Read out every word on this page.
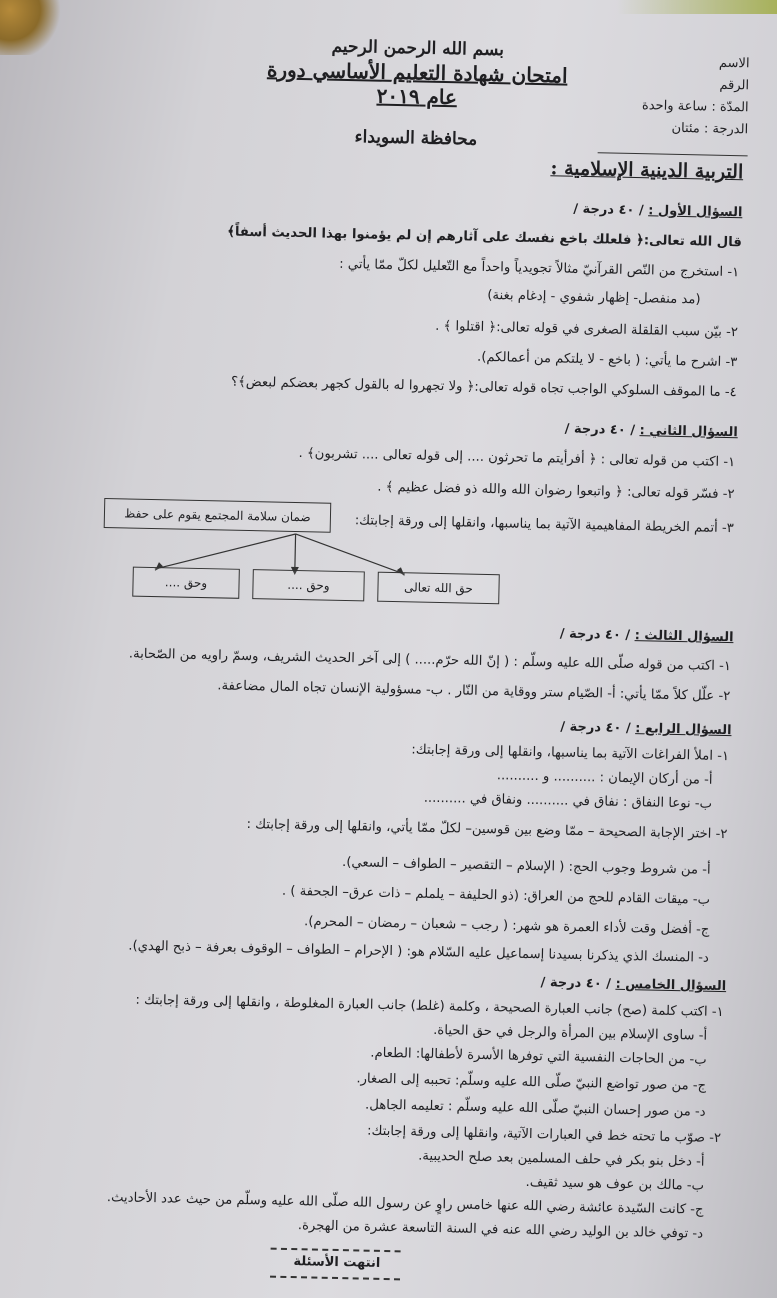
بسم الله الرحمن الرحيم
امتحان شهادة التعليم الأساسي دورة عام ٢٠١٩
محافظة السويداء
الاسم
الرقم
المدّة : ساعة واحدة
الدرجة : مئتان
التربية الدينية الإسلامية :
السؤال الأول : / ٤٠ درجة /
قال الله تعالى:﴿ فلعلك باخع نفسك على آثارهم إن لم يؤمنوا بهذا الحديث أسفاً﴾
١- استخرج من النّص القرآنيّ مثالاً تجويدياً واحداً مع التّعليل لكلّ ممّا يأتي :
(مد منفصل- إظهار شفوي - إدغام بغنة)
٢- بيّن سبب القلقلة الصغرى في قوله تعالى:﴿ اقتلوا ﴾ .
٣- اشرح ما يأتي: ( باخع - لا يلتكم من أعمالكم).
٤- ما الموقف السلوكي الواجب تجاه قوله تعالى:﴿ ولا تجهروا له بالقول كجهر بعضكم لبعض﴾؟
السؤال الثاني : / ٤٠ درجة /
١- اكتب من قوله تعالى : ﴿ أفرأيتم ما تحرثون .... إلى قوله تعالى .... تشربون﴾ .
٢- فسّر قوله تعالى: ﴿ واتبعوا رضوان الله والله ذو فضل عظيم ﴾ .
٣- أتمم الخريطة المفاهيمية الآتية بما يناسبها، وانقلها إلى ورقة إجابتك:
ضمان سلامة المجتمع يقوم على حفظ
حق الله تعالى
وحق ....
وحق ....
السؤال الثالث : / ٤٠ درجة /
١- اكتب من قوله صلّى الله عليه وسلّم : ( إنّ الله حرّم..... ) إلى آخر الحديث الشريف، وسمّ راويه من الصّحابة.
٢- علّل كلاً ممّا يأتي: أ- الصّيام ستر ووقاية من النّار . ب- مسؤولية الإنسان تجاه المال مضاعفة.
السؤال الرابع : / ٤٠ درجة /
١- املأ الفراغات الآتية بما يناسبها، وانقلها إلى ورقة إجابتك:
أ- من أركان الإيمان : .......... و ..........
ب- نوعا النفاق : نفاق في .......... ونفاق في ..........
٢- اختر الإجابة الصحيحة – ممّا وضع بين قوسين– لكلّ ممّا يأتي، وانقلها إلى ورقة إجابتك :
أ- من شروط وجوب الحج: ( الإسلام – التقصير – الطواف – السعي).
ب- ميقات القادم للحج من العراق: (ذو الحليفة – يلملم – ذات عرق– الجحفة ) .
ج- أفضل وقت لأداء العمرة هو شهر: ( رجب – شعبان – رمضان – المحرم).
د- المنسك الذي يذكرنا بسيدنا إسماعيل عليه السّلام هو: ( الإحرام – الطواف – الوقوف بعرفة – ذبح الهدي).
السؤال الخامس : / ٤٠ درجة /
١- اكتب كلمة (صح) جانب العبارة الصحيحة ، وكلمة (غلط) جانب العبارة المغلوطة ، وانقلها إلى ورقة إجابتك :
أ- ساوى الإسلام بين المرأة والرجل في حق الحياة.
ب- من الحاجات النفسية التي توفرها الأسرة لأطفالها: الطعام.
ج- من صور تواضع النبيّ صلّى الله عليه وسلّم: تحببه إلى الصغار.
د- من صور إحسان النبيّ صلّى الله عليه وسلّم : تعليمه الجاهل.
٢- صوّب ما تحته خط في العبارات الآتية، وانقلها إلى ورقة إجابتك:
أ- دخل بنو بكر في حلف المسلمين بعد صلح الحديبية.
ب- مالك بن عوف هو سيد ثقيف.
ج- كانت السّيدة عائشة رضي الله عنها خامس راوٍ عن رسول الله صلّى الله عليه وسلّم من حيث عدد الأحاديث.
د- توفي خالد بن الوليد رضي الله عنه في السنة التاسعة عشرة من الهجرة.
انتهت الأسئلة
